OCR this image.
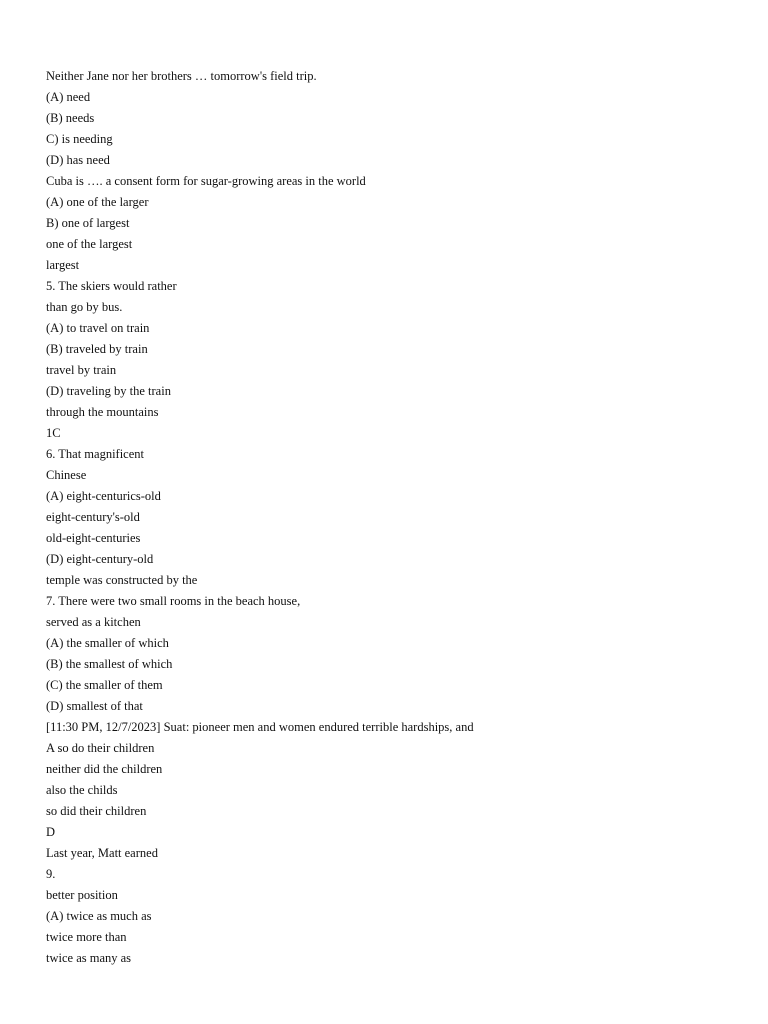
Neither Jane nor her brothers … tomorrow's field trip.
(A) need
(B) needs
C) is needing
(D) has need
Cuba is …. a consent form for sugar-growing areas in the world
(A) one of the larger
B) one of largest
one of the largest
largest
5. The skiers would rather
than go by bus.
(A) to travel on train
(B) traveled by train
travel by train
(D) traveling by the train
through the mountains
1C
6. That magnificent
Chinese
(A) eight-centurics-old
eight-century's-old
old-eight-centuries
(D) eight-century-old
temple was constructed by the
7. There were two small rooms in the beach house,
served as a kitchen
(A) the smaller of which
(B) the smallest of which
(C) the smaller of them
(D) smallest of that
[11:30 PM, 12/7/2023] Suat: pioneer men and women endured terrible hardships, and
A so do their children
neither did the children
also the childs
so did their children
D
Last year, Matt earned
9.
better position
(A) twice as much as
twice more than
twice as many as
